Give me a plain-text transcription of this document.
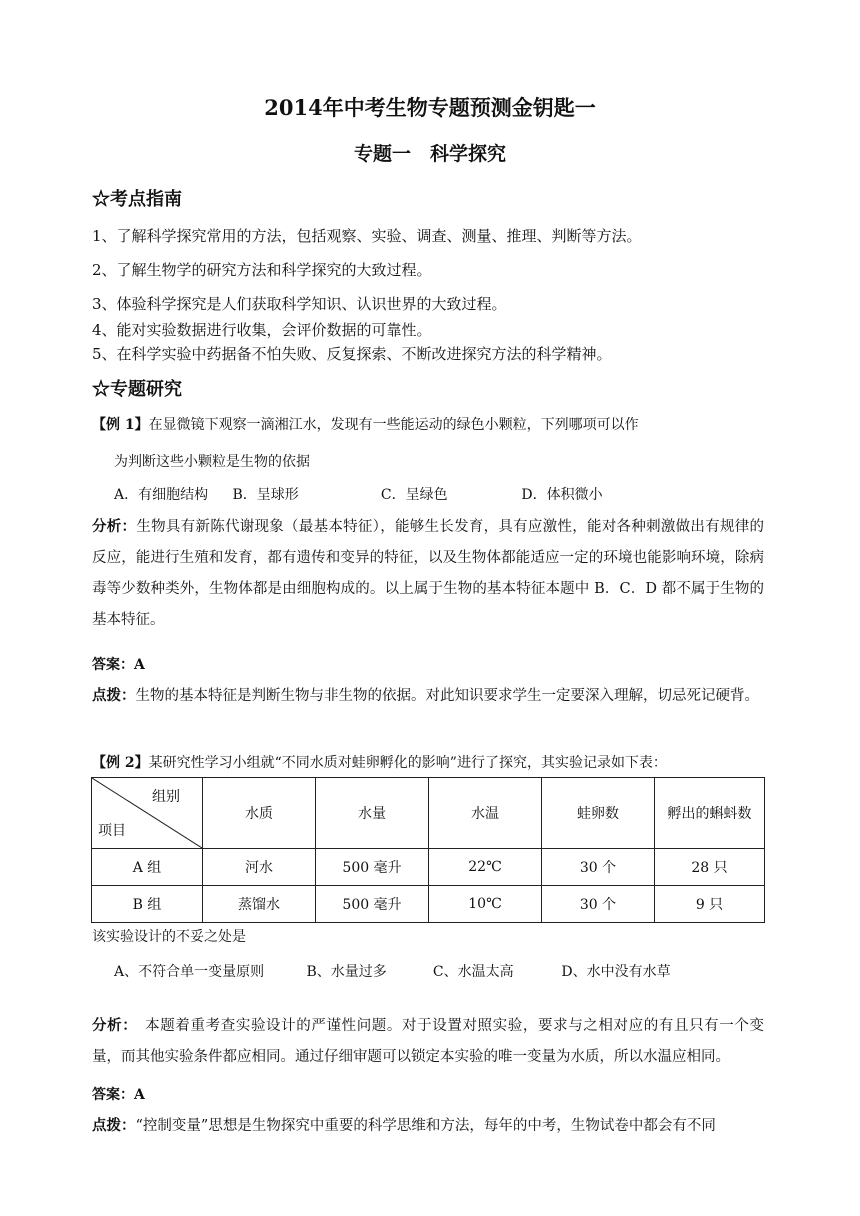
2014年中考生物专题预测金钥匙一
专题一　科学探究
☆考点指南
1、了解科学探究常用的方法，包括观察、实验、调查、测量、推理、判断等方法。
2、了解生物学的研究方法和科学探究的大致过程。
3、体验科学探究是人们获取科学知识、认识世界的大致过程。
4、能对实验数据进行收集，会评价数据的可靠性。
5、在科学实验中药据备不怕失败、反复探索、不断改进探究方法的科学精神。
☆专题研究
【例 1】在显微镜下观察一滴湘江水，发现有一些能运动的绿色小颗粒，下列哪项可以作
为判断这些小颗粒是生物的依据
A．有细胞结构 B．呈球形	C．呈绿色	D．体积微小
分析：生物具有新陈代谢现象（最基本特征），能够生长发育，具有应激性，能对各种刺激做出有规律的反应，能进行生殖和发育，都有遗传和变异的特征，以及生物体都能适应一定的环境也能影响环境，除病毒等少数种类外，生物体都是由细胞构成的。以上属于生物的基本特征本题中 B．C．D 都不属于生物的基本特征。
答案：A
点拨：生物的基本特征是判断生物与非生物的依据。对此知识要求学生一定要深入理解，切忌死记硬背。
【例 2】某研究性学习小组就“不同水质对蛙卵孵化的影响”进行了探究，其实验记录如下表：
组别
项目	水质	水量	水温	蛙卵数	孵出的蝌蚪数
A 组	河水	500 毫升	22℃	30 个	28 只
B 组	蒸馏水	500 毫升	10℃	30 个	9 只
该实验设计的不妥之处是
A、不符合单一变量原则	B、水量过多	C、水温太高	D、水中没有水草
分析：　本题着重考查实验设计的严谨性问题。对于设置对照实验，要求与之相对应的有且只有一个变量，而其他实验条件都应相同。通过仔细审题可以锁定本实验的唯一变量为水质，所以水温应相同。
答案：A
点拨：“控制变量”思想是生物探究中重要的科学思维和方法，每年的中考，生物试卷中都会有不同
